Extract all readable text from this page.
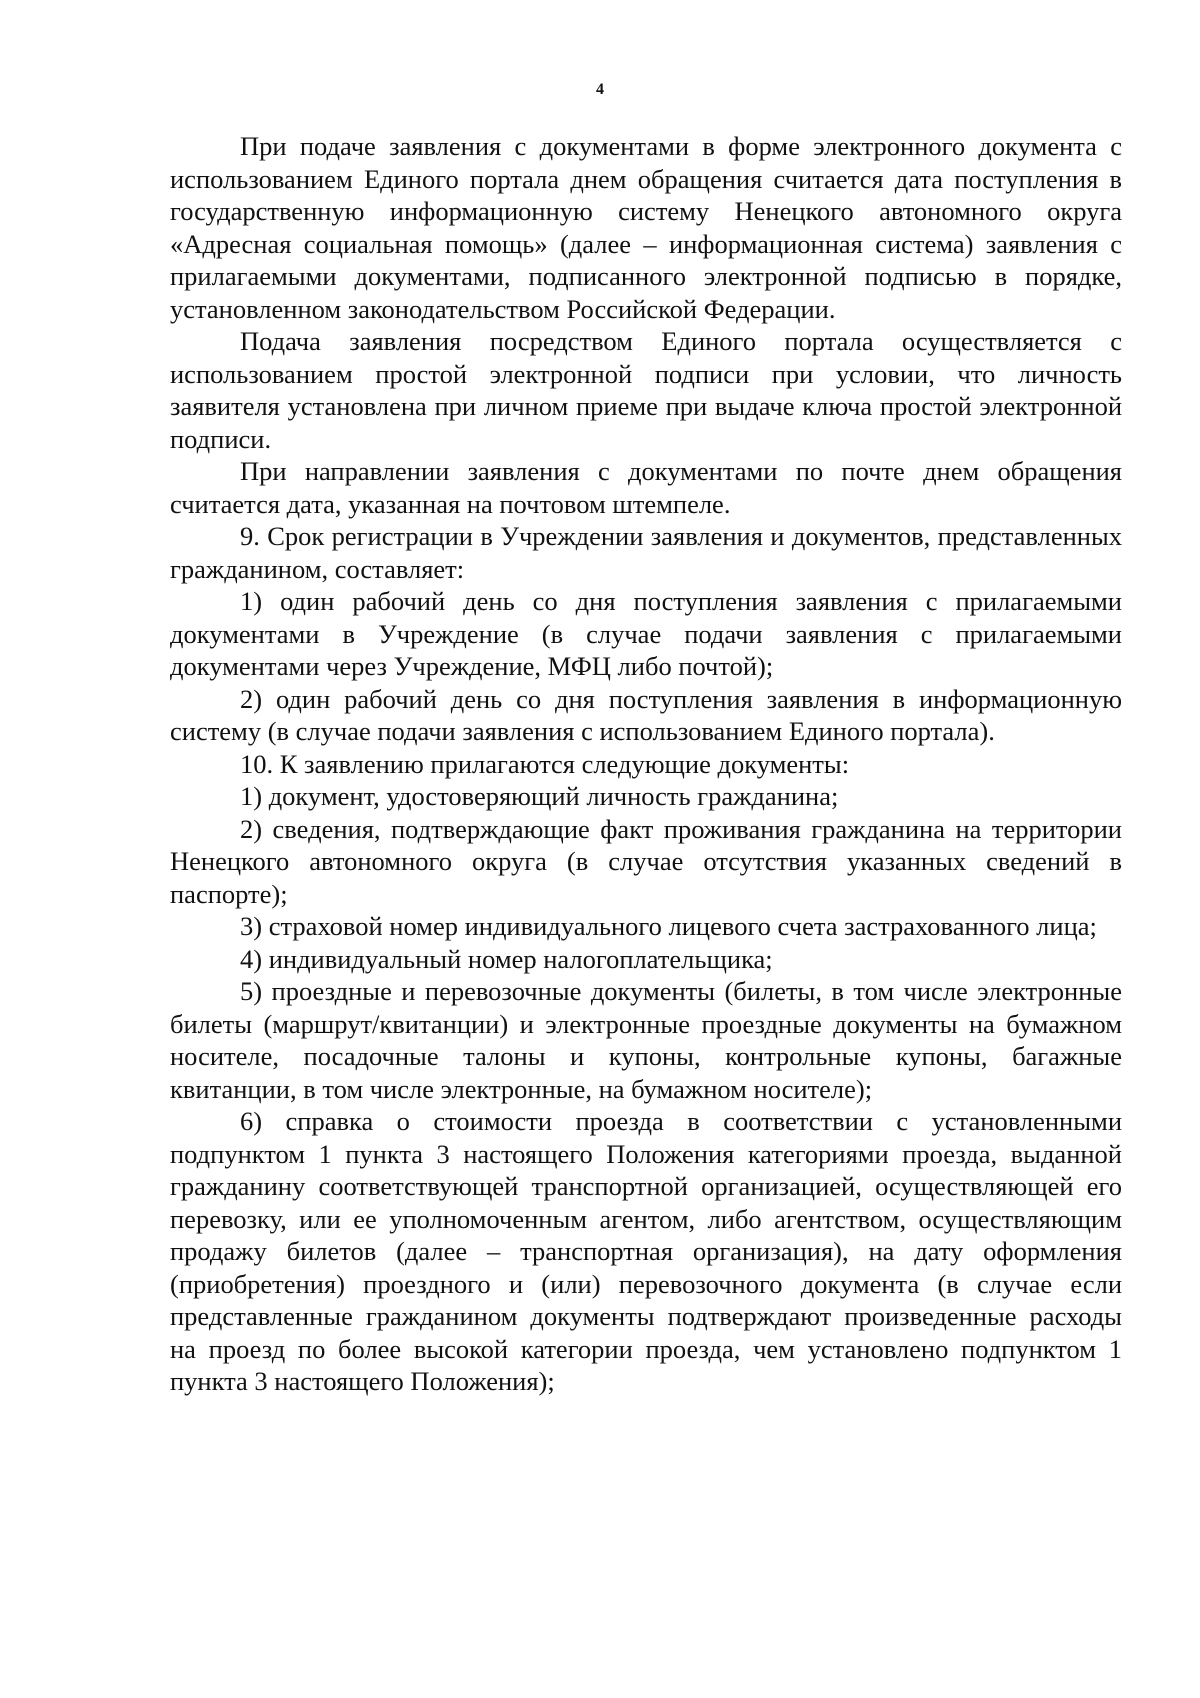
4

При подаче заявления с документами в форме электронного документа с использованием Единого портала днем обращения считается дата поступления в государственную информационную систему Ненецкого автономного округа «Адресная социальная помощь» (далее – информационная система) заявления с прилагаемыми документами, подписанного электронной подписью в порядке, установленном законодательством Российской Федерации.

Подача заявления посредством Единого портала осуществляется с использованием простой электронной подписи при условии, что личность заявителя установлена при личном приеме при выдаче ключа простой электронной подписи.

При направлении заявления с документами по почте днем обращения считается дата, указанная на почтовом штемпеле.

9. Срок регистрации в Учреждении заявления и документов, представленных гражданином, составляет:

1) один рабочий день со дня поступления заявления с прилагаемыми документами в Учреждение (в случае подачи заявления с прилагаемыми документами через Учреждение, МФЦ либо почтой);

2) один рабочий день со дня поступления заявления в информационную систему (в случае подачи заявления с использованием Единого портала).

10. К заявлению прилагаются следующие документы:

1) документ, удостоверяющий личность гражданина;

2) сведения, подтверждающие факт проживания гражданина на территории Ненецкого автономного округа (в случае отсутствия указанных сведений в паспорте);

3) страховой номер индивидуального лицевого счета застрахованного лица;

4) индивидуальный номер налогоплательщика;

5) проездные и перевозочные документы (билеты, в том числе электронные билеты (маршрут/квитанции) и электронные проездные документы на бумажном носителе, посадочные талоны и купоны, контрольные купоны, багажные квитанции, в том числе электронные, на бумажном носителе);

6) справка о стоимости проезда в соответствии с установленными подпунктом 1 пункта 3 настоящего Положения категориями проезда, выданной гражданину соответствующей транспортной организацией, осуществляющей его перевозку, или ее уполномоченным агентом, либо агентством, осуществляющим продажу билетов (далее – транспортная организация), на дату оформления (приобретения) проездного и (или) перевозочного документа (в случае если представленные гражданином документы подтверждают произведенные расходы на проезд по более высокой категории проезда, чем установлено подпунктом 1 пункта 3 настоящего Положения);
